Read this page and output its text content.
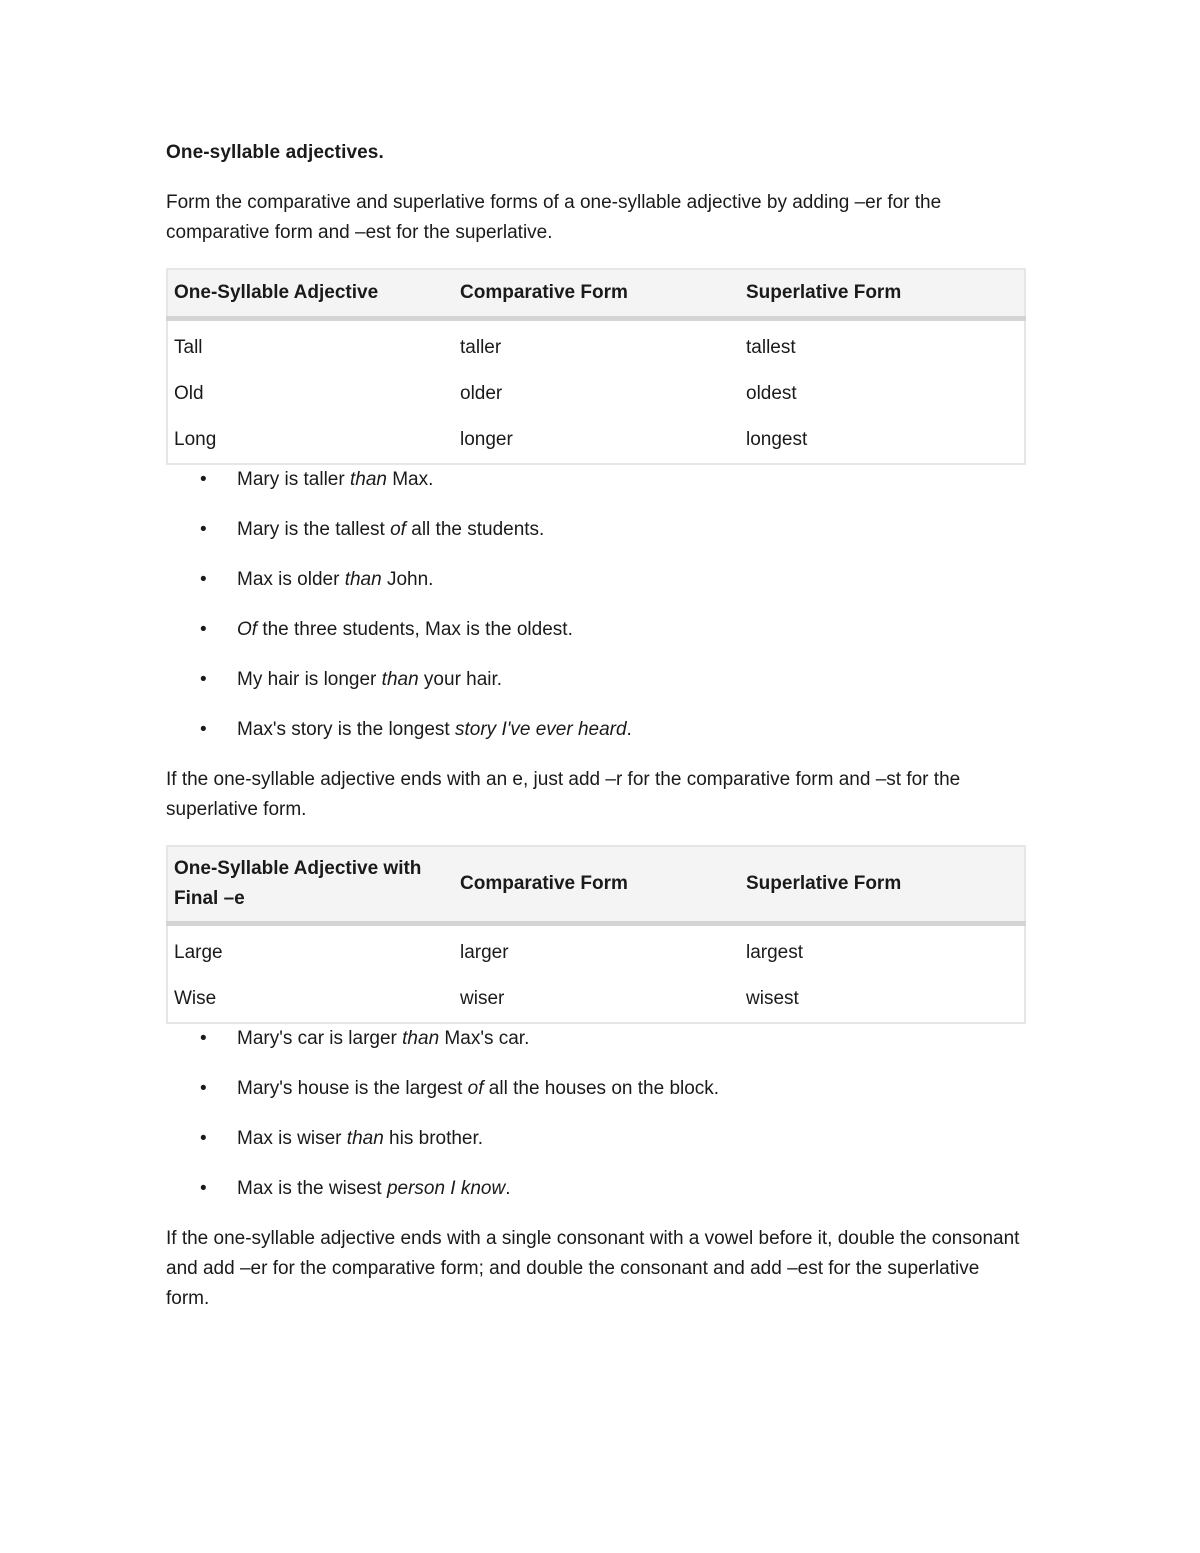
One-syllable adjectives.
Form the comparative and superlative forms of a one-syllable adjective by adding –er for the comparative form and –est for the superlative.
One-Syllable Adjective	Comparative Form	Superlative Form
Tall	taller	tallest
Old	older	oldest
Long	longer	longest
• Mary is taller than Max.
• Mary is the tallest of all the students.
• Max is older than John.
• Of the three students, Max is the oldest.
• My hair is longer than your hair.
• Max's story is the longest story I've ever heard.
If the one-syllable adjective ends with an e, just add –r for the comparative form and –st for the superlative form.
One-Syllable Adjective with Final –e	Comparative Form	Superlative Form
Large	larger	largest
Wise	wiser	wisest
• Mary's car is larger than Max's car.
• Mary's house is the largest of all the houses on the block.
• Max is wiser than his brother.
• Max is the wisest person I know.
If the one-syllable adjective ends with a single consonant with a vowel before it, double the consonant and add –er for the comparative form; and double the consonant and add –est for the superlative form.
